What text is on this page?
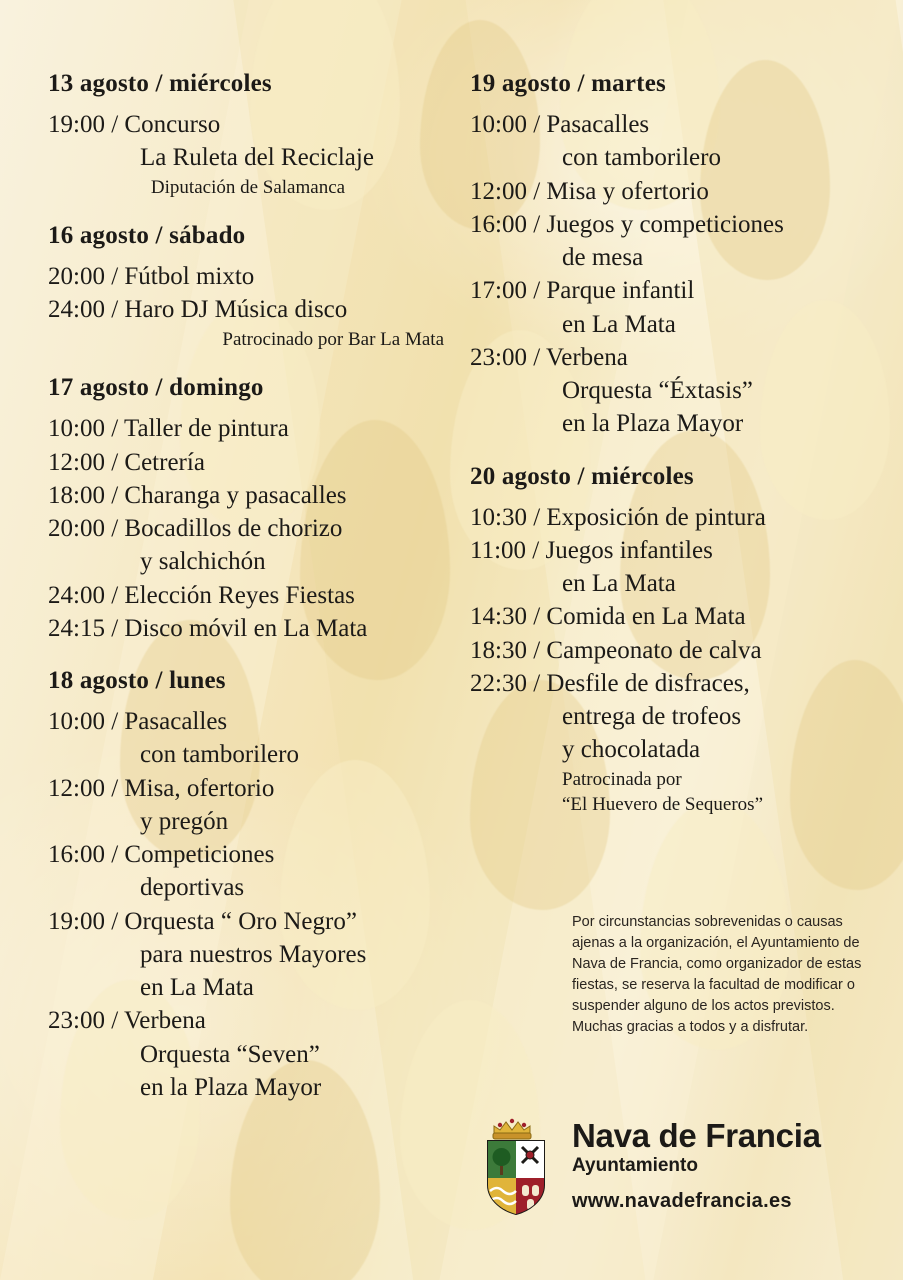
13 agosto / miércoles
19:00 / Concurso
La Ruleta del Reciclaje
Diputación de Salamanca
16 agosto / sábado
20:00 / Fútbol mixto
24:00 / Haro DJ Música disco
Patrocinado por Bar La Mata
17 agosto / domingo
10:00 / Taller de pintura
12:00 / Cetrería
18:00 / Charanga y pasacalles
20:00 / Bocadillos de chorizo
y salchichón
24:00 / Elección Reyes Fiestas
24:15 / Disco móvil en La Mata
18 agosto / lunes
10:00 / Pasacalles
con tamborilero
12:00 / Misa, ofertorio
y pregón
16:00 / Competiciones
deportivas
19:00 / Orquesta “ Oro Negro”
para nuestros Mayores
en La Mata
23:00 / Verbena
Orquesta “Seven”
en la Plaza Mayor
19 agosto / martes
10:00 / Pasacalles
con tamborilero
12:00 / Misa y ofertorio
16:00 / Juegos y competiciones
de mesa
17:00 / Parque infantil
en La Mata
23:00 / Verbena
Orquesta “Éxtasis”
en la Plaza Mayor
20 agosto / miércoles
10:30 / Exposición de pintura
11:00 / Juegos infantiles
en La Mata
14:30 / Comida en La Mata
18:30 / Campeonato de calva
22:30 / Desfile de disfraces,
entrega de trofeos
y chocolatada
Patrocinada por
“El Huevero de Sequeros”
Por circunstancias sobrevenidas o causas ajenas a la organización, el Ayuntamiento de Nava de Francia, como organizador de estas fiestas, se reserva la facultad de modificar o suspender alguno de los actos previstos. Muchas gracias a todos y a disfrutar.
Nava de Francia
Ayuntamiento
www.navadefrancia.es
